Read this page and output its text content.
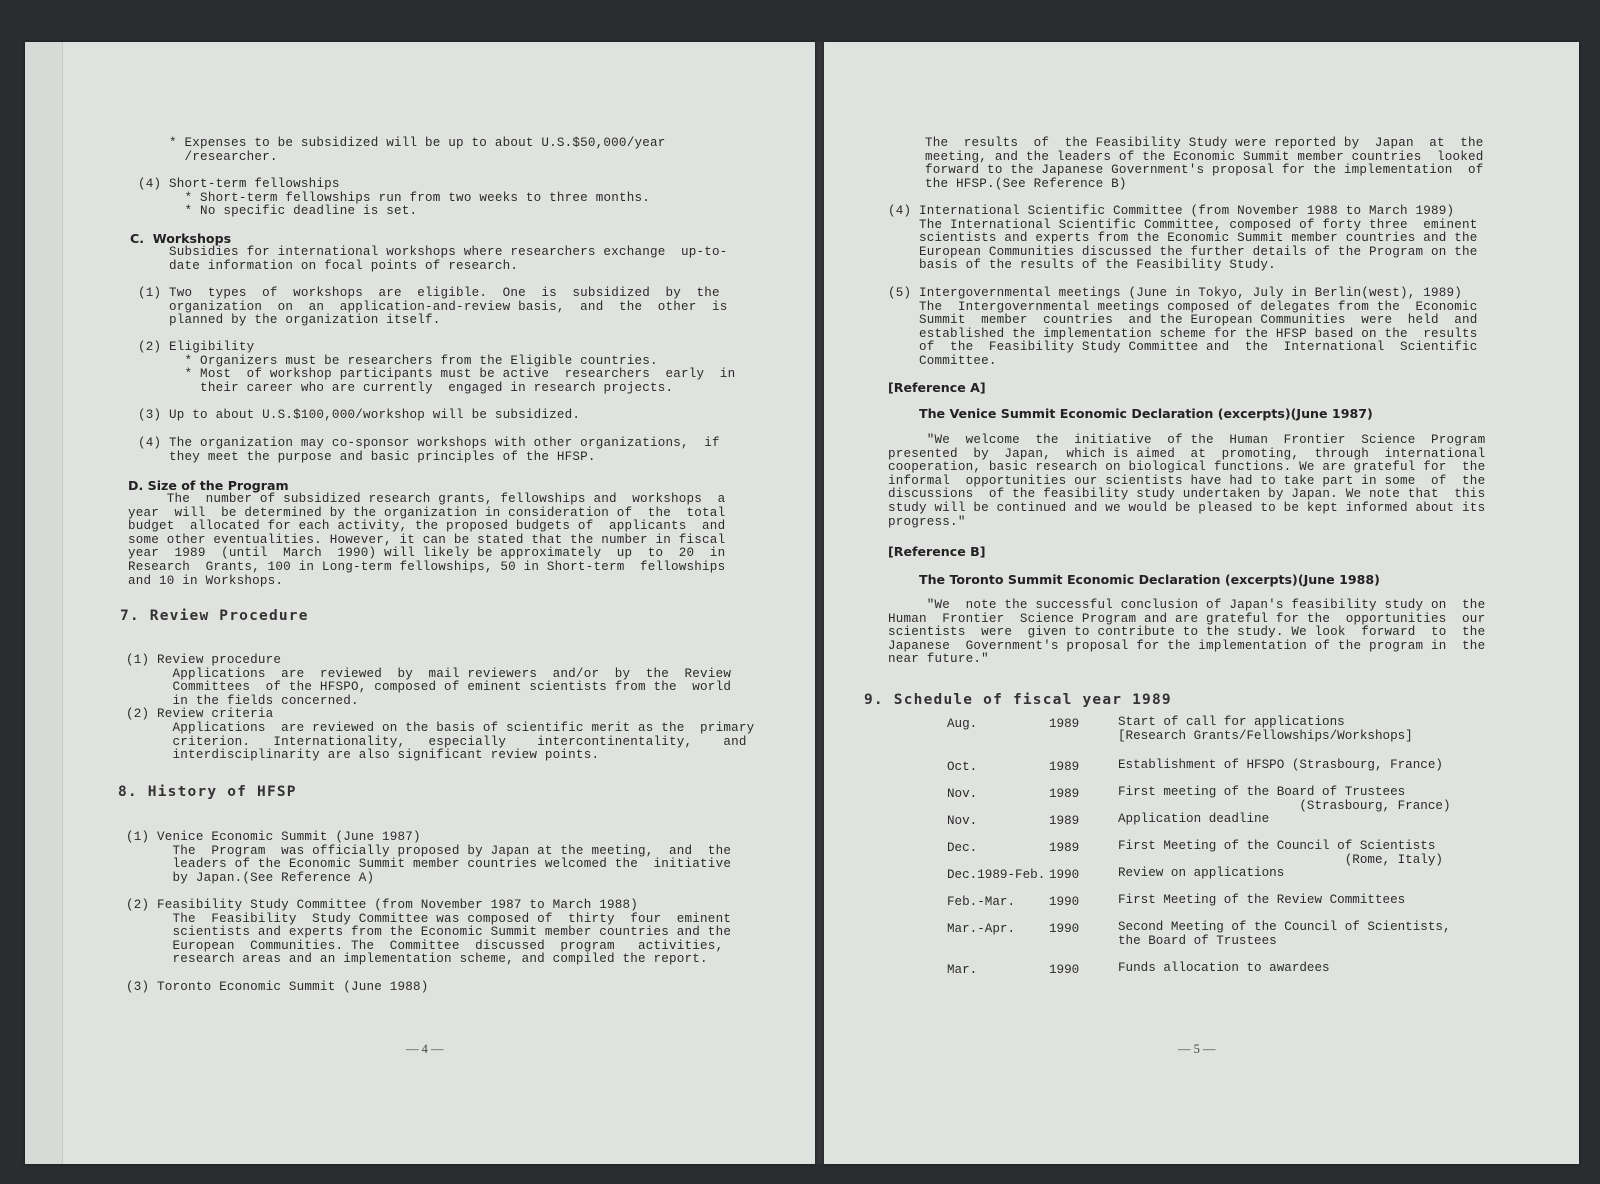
* Expenses to be subsidized will be up to about U.S.$50,000/year
/researcher.
(4) Short-term fellowships
* Short-term fellowships run from two weeks to three months.
* No specific deadline is set.
C.  Workshops
Subsidies for international workshops where researchers exchange  up-to-
date information on focal points of research.
(1) Two  types  of  workshops  are  eligible.  One  is  subsidized  by  the
organization  on  an  application-and-review basis,  and  the  other  is
planned by the organization itself.
(2) Eligibility
* Organizers must be researchers from the Eligible countries.
* Most  of workshop participants must be active  researchers  early  in
their career who are currently  engaged in research projects.
(3) Up to about U.S.$100,000/workshop will be subsidized.
(4) The organization may co-sponsor workshops with other organizations,  if
they meet the purpose and basic principles of the HFSP.
D. Size of the Program
The  number of subsidized research grants, fellowships and  workshops  a
year  will  be determined by the organization in consideration of  the  total
budget  allocated for each activity, the proposed budgets of  applicants  and
some other eventualities. However, it can be stated that the number in fiscal
year  1989  (until  March  1990) will likely be approximately  up  to  20  in
Research  Grants, 100 in Long-term fellowships, 50 in Short-term  fellowships
and 10 in Workshops.
7. Review Procedure
(1) Review procedure
Applications  are  reviewed  by  mail reviewers  and/or  by  the  Review
Committees  of the HFSPO, composed of eminent scientists from the  world
in the fields concerned.
(2) Review criteria
Applications  are reviewed on the basis of scientific merit as the  primary
criterion.   Internationality,   especially    intercontinentality,    and
interdisciplinarity are also significant review points.
8. History of HFSP
(1) Venice Economic Summit (June 1987)
The  Program  was officially proposed by Japan at the meeting,  and  the
leaders of the Economic Summit member countries welcomed the  initiative
by Japan.(See Reference A)
(2) Feasibility Study Committee (from November 1987 to March 1988)
The  Feasibility  Study Committee was composed of  thirty  four  eminent
scientists and experts from the Economic Summit member countries and the
European  Communities. The  Committee  discussed  program   activities,
research areas and an implementation scheme, and compiled the report.
(3) Toronto Economic Summit (June 1988)
— 4 —
The  results  of  the Feasibility Study were reported by  Japan  at  the
meeting, and the leaders of the Economic Summit member countries  looked
forward to the Japanese Government's proposal for the implementation  of
the HFSP.(See Reference B)
(4) International Scientific Committee (from November 1988 to March 1989)
The International Scientific Committee, composed of forty three  eminent
scientists and experts from the Economic Summit member countries and the
European Communities discussed the further details of the Program on the
basis of the results of the Feasibility Study.
(5) Intergovernmental meetings (June in Tokyo, July in Berlin(west), 1989)
The  Intergovernmental meetings composed of delegates from the  Economic
Summit  member  countries  and the European Communities  were  held  and
established the implementation scheme for the HFSP based on the  results
of  the  Feasibility Study Committee and  the  International  Scientific
Committee.
[Reference A]
The Venice Summit Economic Declaration (excerpts)(June 1987)
"We  welcome  the  initiative  of the  Human  Frontier  Science  Program
presented  by  Japan,  which is aimed  at  promoting,  through  international
cooperation, basic research on biological functions. We are grateful for  the
informal  opportunities our scientists have had to take part in some  of  the
discussions  of the feasibility study undertaken by Japan. We note that  this
study will be continued and we would be pleased to be kept informed about its
progress."
[Reference B]
The Toronto Summit Economic Declaration (excerpts)(June 1988)
"We  note the successful conclusion of Japan's feasibility study on  the
Human  Frontier  Science Program and are grateful for the  opportunities  our
scientists  were  given to contribute to the study. We look  forward  to  the
Japanese  Government's proposal for the implementation of the program in  the
near future."
9. Schedule of fiscal year 1989
Aug.	1989	Start of call for applications
[Research Grants/Fellowships/Workshops]
Oct.	1989	Establishment of HFSPO (Strasbourg, France)
Nov.	1989	First meeting of the Board of Trustees
(Strasbourg, France)
Nov.	1989	Application deadline
Dec.	1989	First Meeting of the Council of Scientists
(Rome, Italy)
Dec.1989-Feb. 1990	Review on applications
Feb.-Mar.	1990	First Meeting of the Review Committees
Mar.-Apr.	1990	Second Meeting of the Council of Scientists,
the Board of Trustees
Mar.	1990	Funds allocation to awardees
— 5 —
